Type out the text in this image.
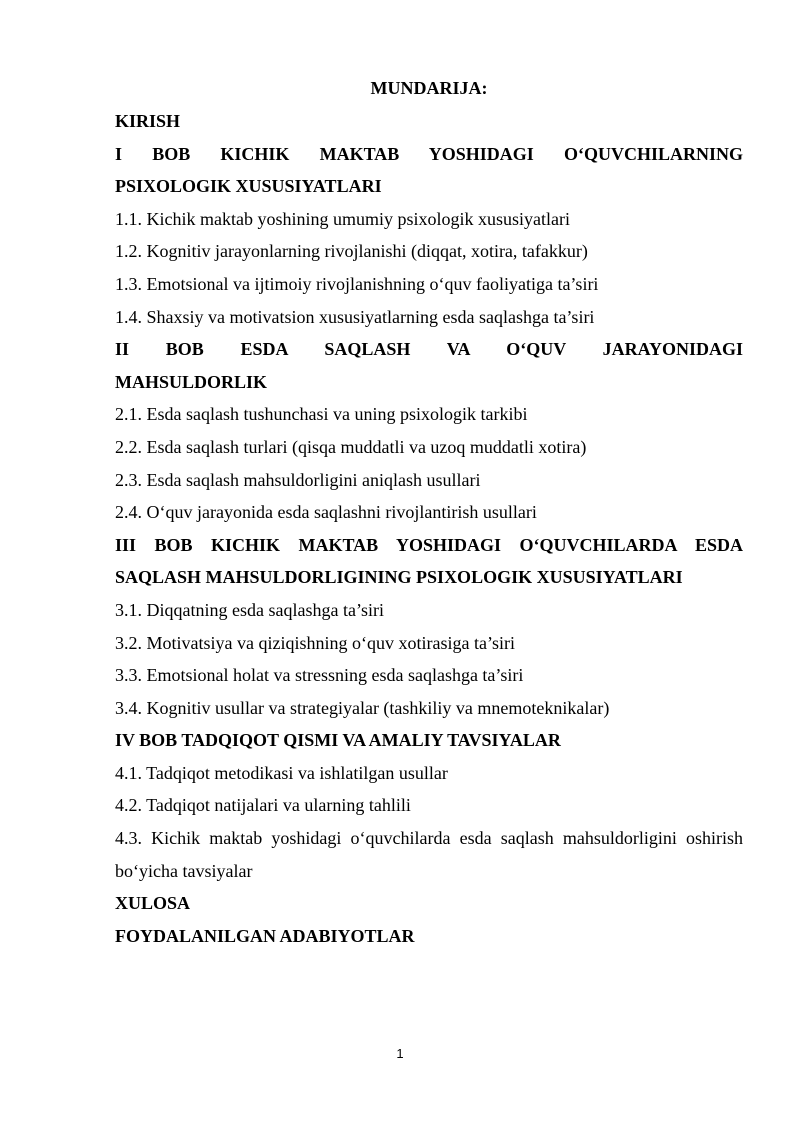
MUNDARIJA:
KIRISH
I BOB KICHIK MAKTAB YOSHIDAGI O‘QUVCHILARNING
PSIXOLOGIK XUSUSIYATLARI
1.1. Kichik maktab yoshining umumiy psixologik xususiyatlari
1.2. Kognitiv jarayonlarning rivojlanishi (diqqat, xotira, tafakkur)
1.3. Emotsional va ijtimoiy rivojlanishning o‘quv faoliyatiga ta’siri
1.4. Shaxsiy va motivatsion xususiyatlarning esda saqlashga ta’siri
II BOB ESDA SAQLASH VA O‘QUV JARAYONIDAGI
MAHSULDORLIK
2.1. Esda saqlash tushunchasi va uning psixologik tarkibi
2.2. Esda saqlash turlari (qisqa muddatli va uzoq muddatli xotira)
2.3. Esda saqlash mahsuldorligini aniqlash usullari
2.4. O‘quv jarayonida esda saqlashni rivojlantirish usullari
III BOB KICHIK MAKTAB YOSHIDAGI O‘QUVCHILARDA ESDA
SAQLASH MAHSULDORLIGINING PSIXOLOGIK XUSUSIYATLARI
3.1. Diqqatning esda saqlashga ta’siri
3.2. Motivatsiya va qiziqishning o‘quv xotirasiga ta’siri
3.3. Emotsional holat va stressning esda saqlashga ta’siri
3.4. Kognitiv usullar va strategiyalar (tashkiliy va mnemoteknikalar)
IV BOB TADQIQOT QISMI VA AMALIY TAVSIYALAR
4.1. Tadqiqot metodikasi va ishlatilgan usullar
4.2. Tadqiqot natijalari va ularning tahlili
4.3. Kichik maktab yoshidagi o‘quvchilarda esda saqlash mahsuldorligini oshirish
bo‘yicha tavsiyalar
XULOSA
FOYDALANILGAN ADABIYOTLAR
1
